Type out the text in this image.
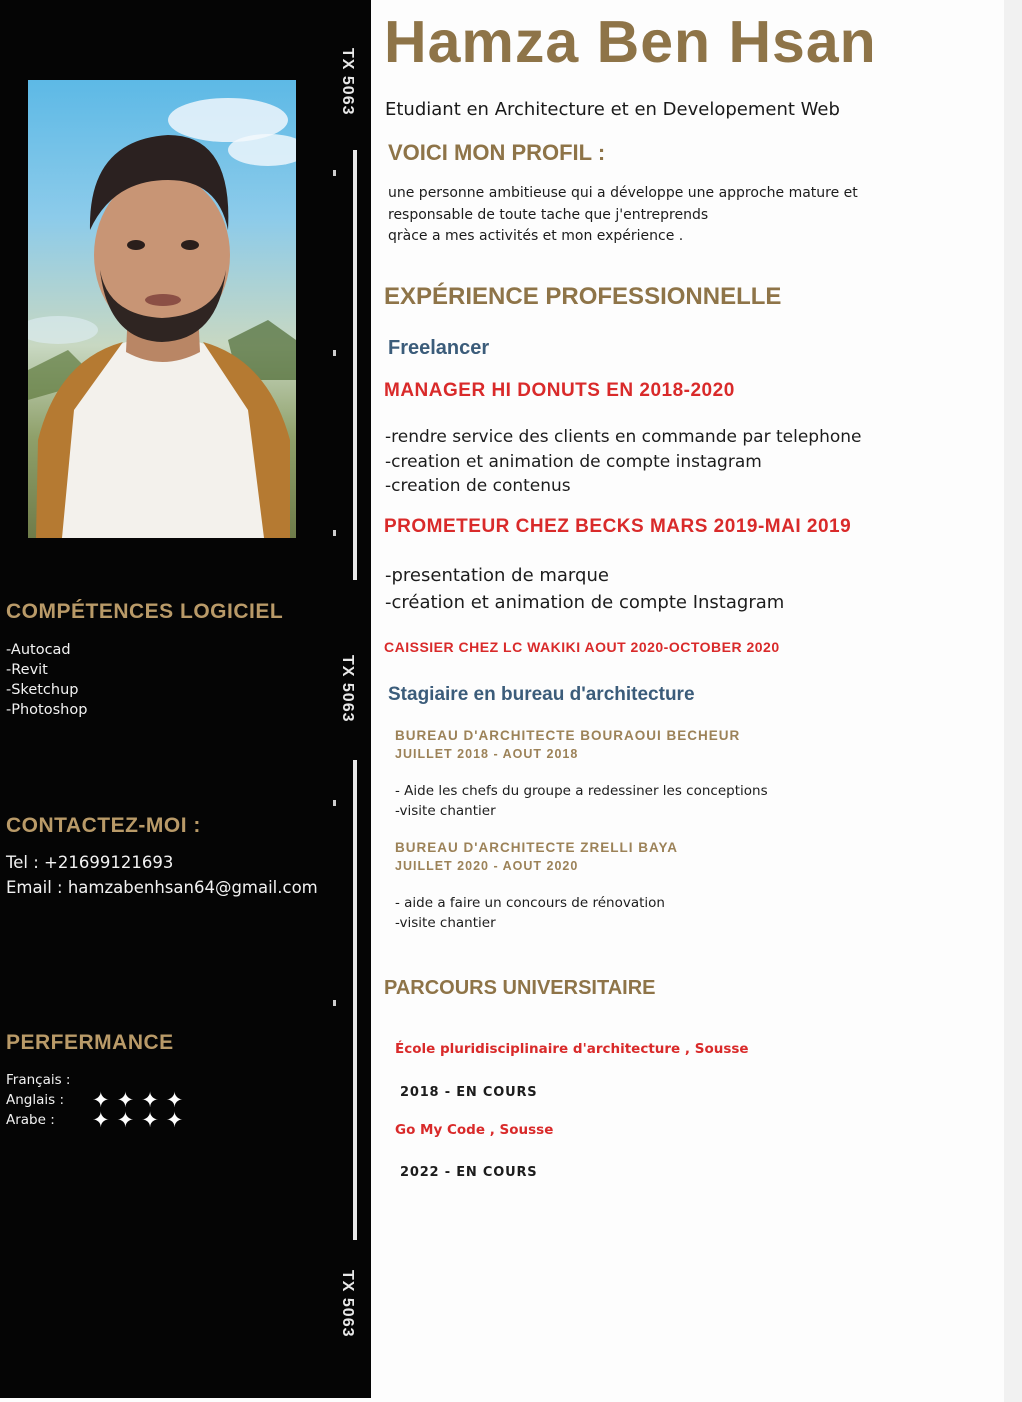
TX 5063
TX 5063
TX 5063
COMPÉTENCES LOGICIEL
-Autocad
-Revit
-Sketchup
-Photoshop
CONTACTEZ-MOI :
Tel : +21699121693
Email : hamzabenhsan64@gmail.com
PERFERMANCE
Français :
Anglais :	✦✦✦✦
Arabe :	✦✦✦✦
Hamza Ben Hsan
Etudiant en Architecture et en Developement Web
VOICI MON PROFIL :
une personne ambitieuse qui a développe une approche mature et
responsable de toute tache que j'entreprends
qràce a mes activités et mon expérience .
EXPÉRIENCE PROFESSIONNELLE
Freelancer
MANAGER HI DONUTS EN 2018-2020
-rendre service des clients en commande par telephone
-creation et animation de compte instagram
-creation de contenus
PROMETEUR CHEZ BECKS MARS 2019-MAI 2019
-presentation de marque
-création et animation de compte Instagram
CAISSIER CHEZ LC WAKIKI AOUT 2020-OCTOBER 2020
Stagiaire en bureau d'architecture
BUREAU D'ARCHITECTE BOURAOUI BECHEUR
JUILLET 2018 - AOUT 2018
- Aide les chefs du groupe a redessiner les conceptions
-visite chantier
BUREAU D'ARCHITECTE ZRELLI BAYA
JUILLET 2020 - AOUT 2020
- aide a faire un concours de rénovation
-visite chantier
PARCOURS UNIVERSITAIRE
École pluridisciplinaire d'architecture , Sousse
2018 - EN COURS
Go My Code , Sousse
2022 - EN COURS
